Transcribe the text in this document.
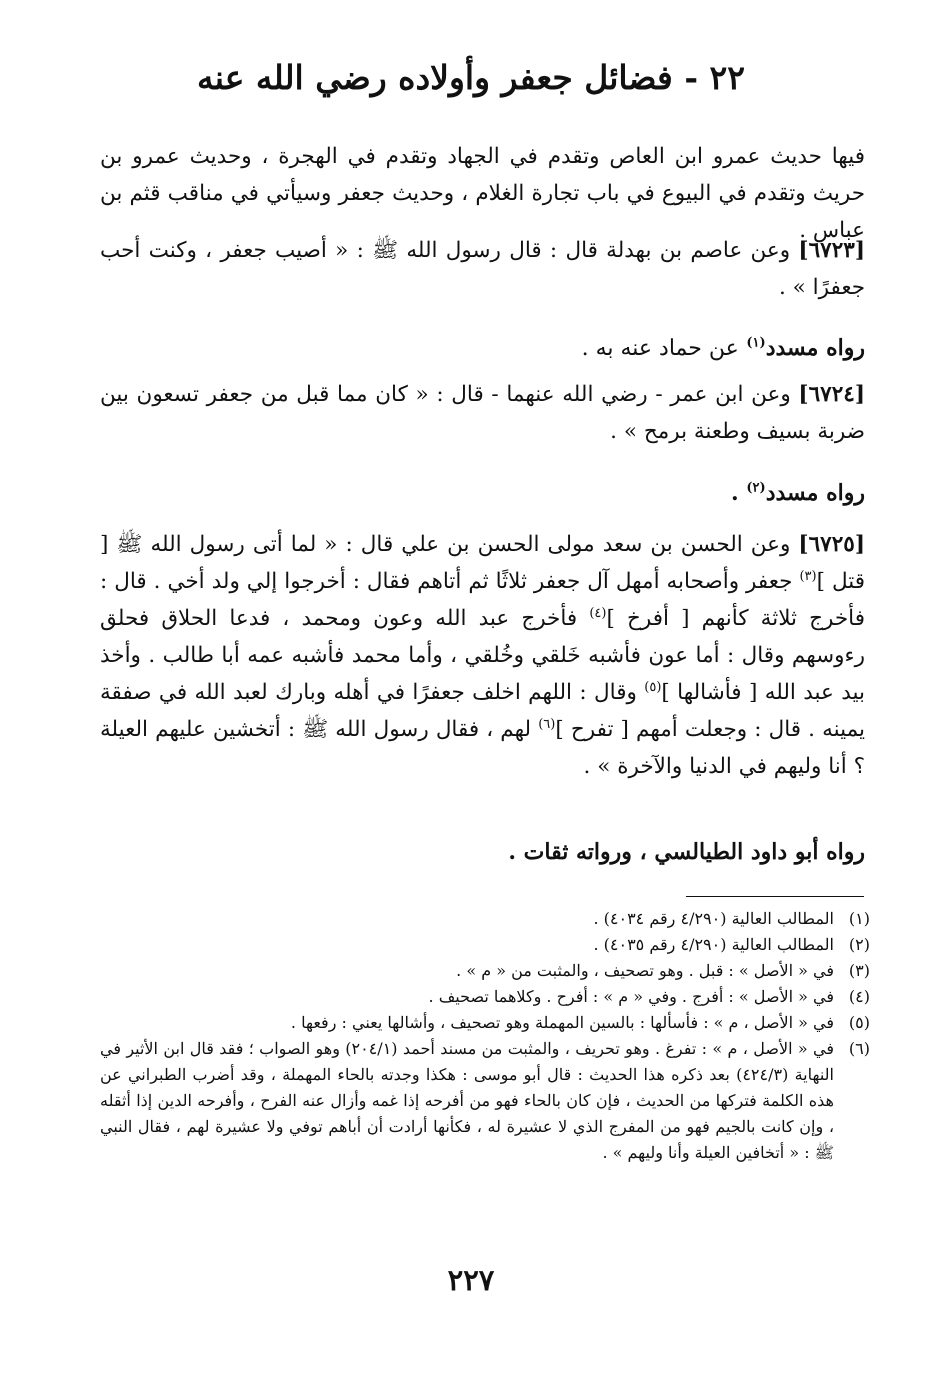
٢٢ - فضائل جعفر وأولاده رضي الله عنه
فيها حديث عمرو ابن العاص وتقدم في الجهاد وتقدم في الهجرة ، وحديث عمرو بن حريث وتقدم في البيوع في باب تجارة الغلام ، وحديث جعفر وسيأتي في مناقب قثم بن عباس .
[٦٧٢٣] وعن عاصم بن بهدلة قال : قال رسول الله ﷺ : « أصيب جعفر ، وكنت أحب جعفرًا » .
رواه مسدد$^{(١)}$ عن حماد عنه به .
[٦٧٢٤] وعن ابن عمر - رضي الله عنهما - قال : « كان مما قبل من جعفر تسعون بين ضربة بسيف وطعنة برمح » .
رواه مسدد$^{(٢)}$ .
[٦٧٢٥] وعن الحسن بن سعد مولى الحسن بن علي قال : « لما أتى رسول الله ﷺ [ قتل ]$^{(٣)}$ جعفر وأصحابه أمهل آل جعفر ثلاثًا ثم أتاهم فقال : أخرجوا إلي ولد أخي . قال : فأخرج ثلاثة كأنهم [ أفرخ ]$^{(٤)}$ فأخرج عبد الله وعون ومحمد ، فدعا الحلاق فحلق رءوسهم وقال : أما عون فأشبه خَلقي وخُلقي ، وأما محمد فأشبه عمه أبا طالب . وأخذ بيد عبد الله [ فأشالها ]$^{(٥)}$ وقال : اللهم اخلف جعفرًا في أهله وبارك لعبد الله في صفقة يمينه . قال : وجعلت أمهم [ تفرح ]$^{(٦)}$ لهم ، فقال رسول الله ﷺ : أتخشين عليهم العيلة ؟ أنا وليهم في الدنيا والآخرة » .
رواه أبو داود الطيالسي ، ورواته ثقات .
(١)
المطالب العالية (٤/٢٩٠ رقم ٤٠٣٤) .
(٢)
المطالب العالية (٤/٢٩٠ رقم ٤٠٣٥) .
(٣)
في « الأصل » : قبل . وهو تصحيف ، والمثبت من « م » .
(٤)
في « الأصل » : أفرج . وفي « م » : أفرح . وكلاهما تصحيف .
(٥)
في « الأصل ، م » : فأسألها : بالسين المهملة وهو تصحيف ، وأشالها يعني : رفعها .
(٦)
في « الأصل ، م » : تفرغ . وهو تحريف ، والمثبت من مسند أحمد (٢٠٤/١) وهو الصواب ؛ فقد قال ابن الأثير في النهاية (٤٢٤/٣) بعد ذكره هذا الحديث : قال أبو موسى : هكذا وجدته بالحاء المهملة ، وقد أضرب الطبراني عن هذه الكلمة فتركها من الحديث ، فإن كان بالحاء فهو من أفرحه إذا غمه وأزال عنه الفرح ، وأفرحه الدين إذا أثقله ، وإن كانت بالجيم فهو من المفرج الذي لا عشيرة له ، فكأنها أرادت أن أباهم توفي ولا عشيرة لهم ، فقال النبي ﷺ : « أتخافين العيلة وأنا وليهم » .
٢٢٧
